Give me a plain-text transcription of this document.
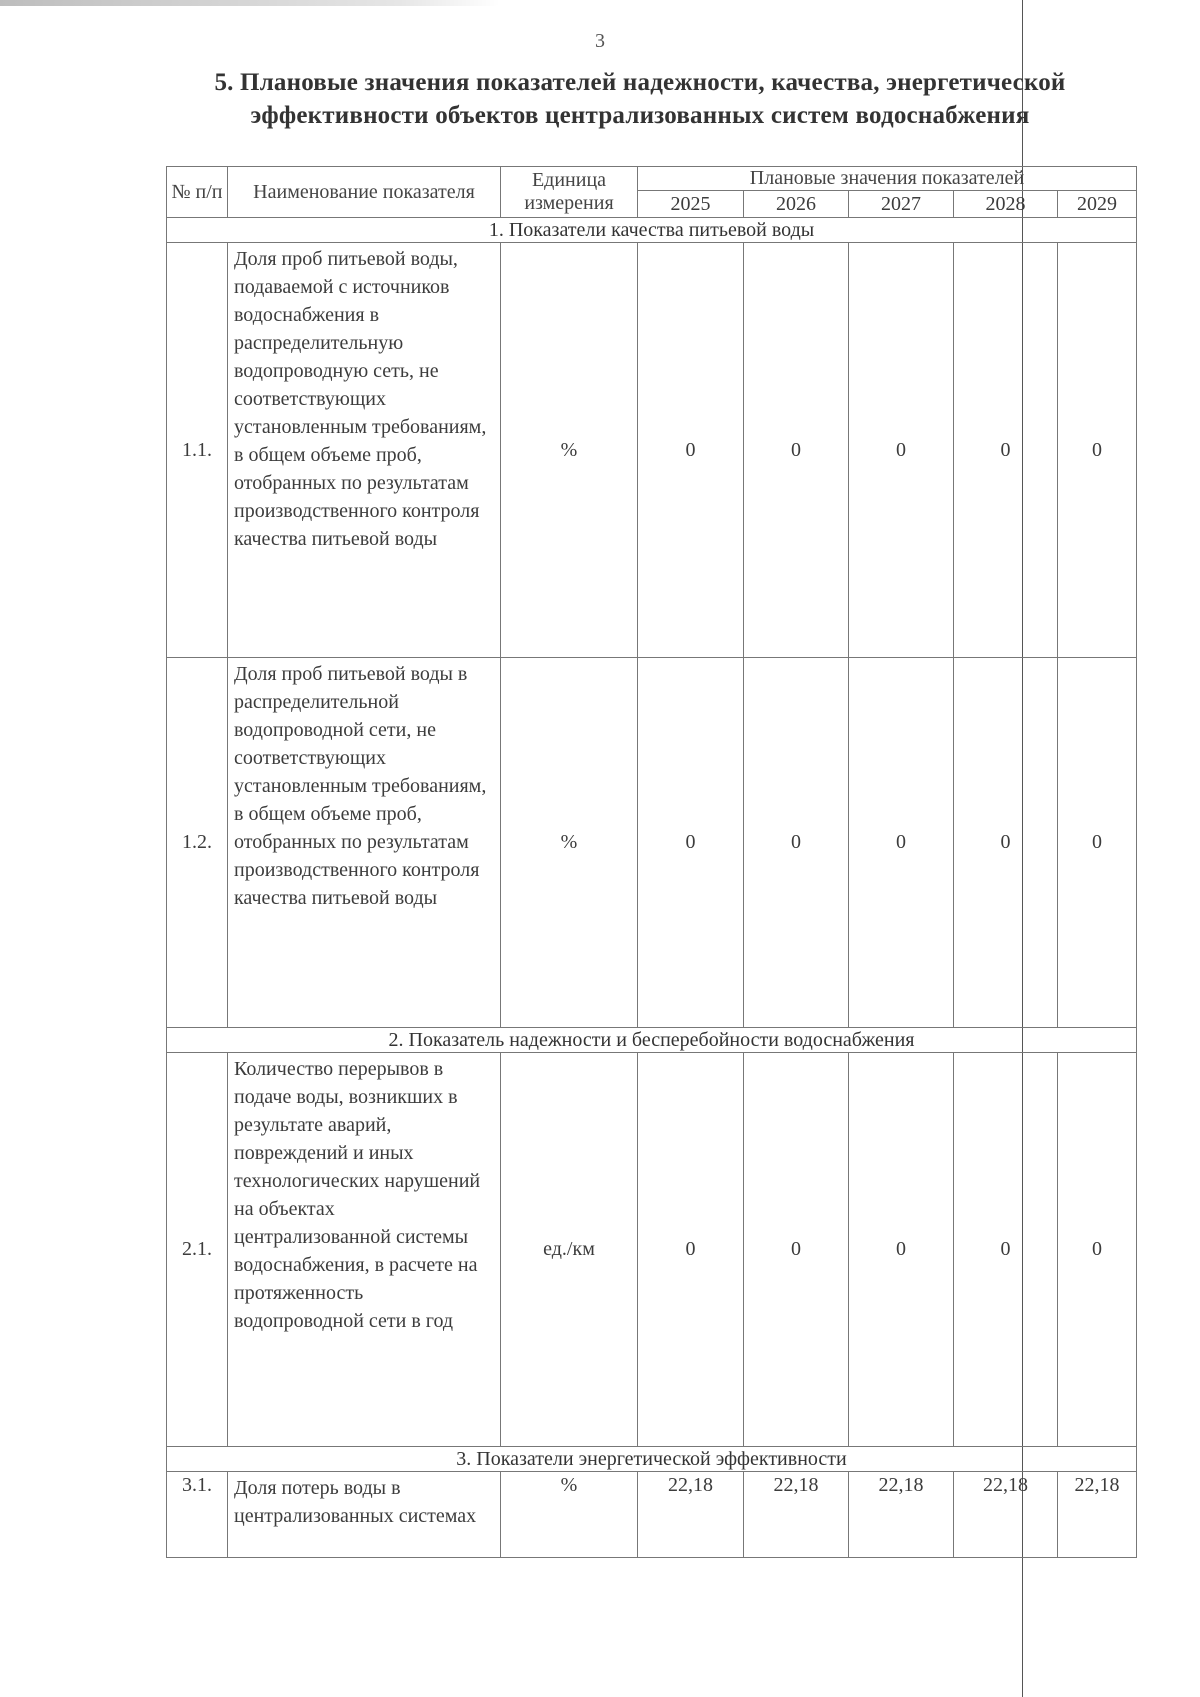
3
5. Плановые значения показателей надежности, качества, энергетической эффективности объектов централизованных систем водоснабжения
№ п/п	Наименование показателя	Единица измерения	Плановые значения показателей				
			2025	2026	2027	2028	2029
1. Показатели качества питьевой воды							
1.1.	Доля проб питьевой воды, подаваемой с источников водоснабжения в распределительную водопроводную сеть, не соответствующих установленным требованиям, в общем объеме проб, отобранных по результатам производственного контроля качества питьевой воды	%	0	0	0	0	0
1.2.	Доля проб питьевой воды в распределительной водопроводной сети, не соответствующих установленным требованиям, в общем объеме проб, отобранных по результатам производственного контроля качества питьевой воды	%	0	0	0	0	0
2. Показатель надежности и бесперебойности водоснабжения							
2.1.	Количество перерывов в подаче воды, возникших в результате аварий, повреждений и иных технологических нарушений на объектах централизованной системы водоснабжения, в расчете на протяженность водопроводной сети в год	ед./км	0	0	0	0	0
3. Показатели энергетической эффективности							
3.1.	Доля потерь воды в централизованных системах	%	22,18	22,18	22,18	22,18	22,18
